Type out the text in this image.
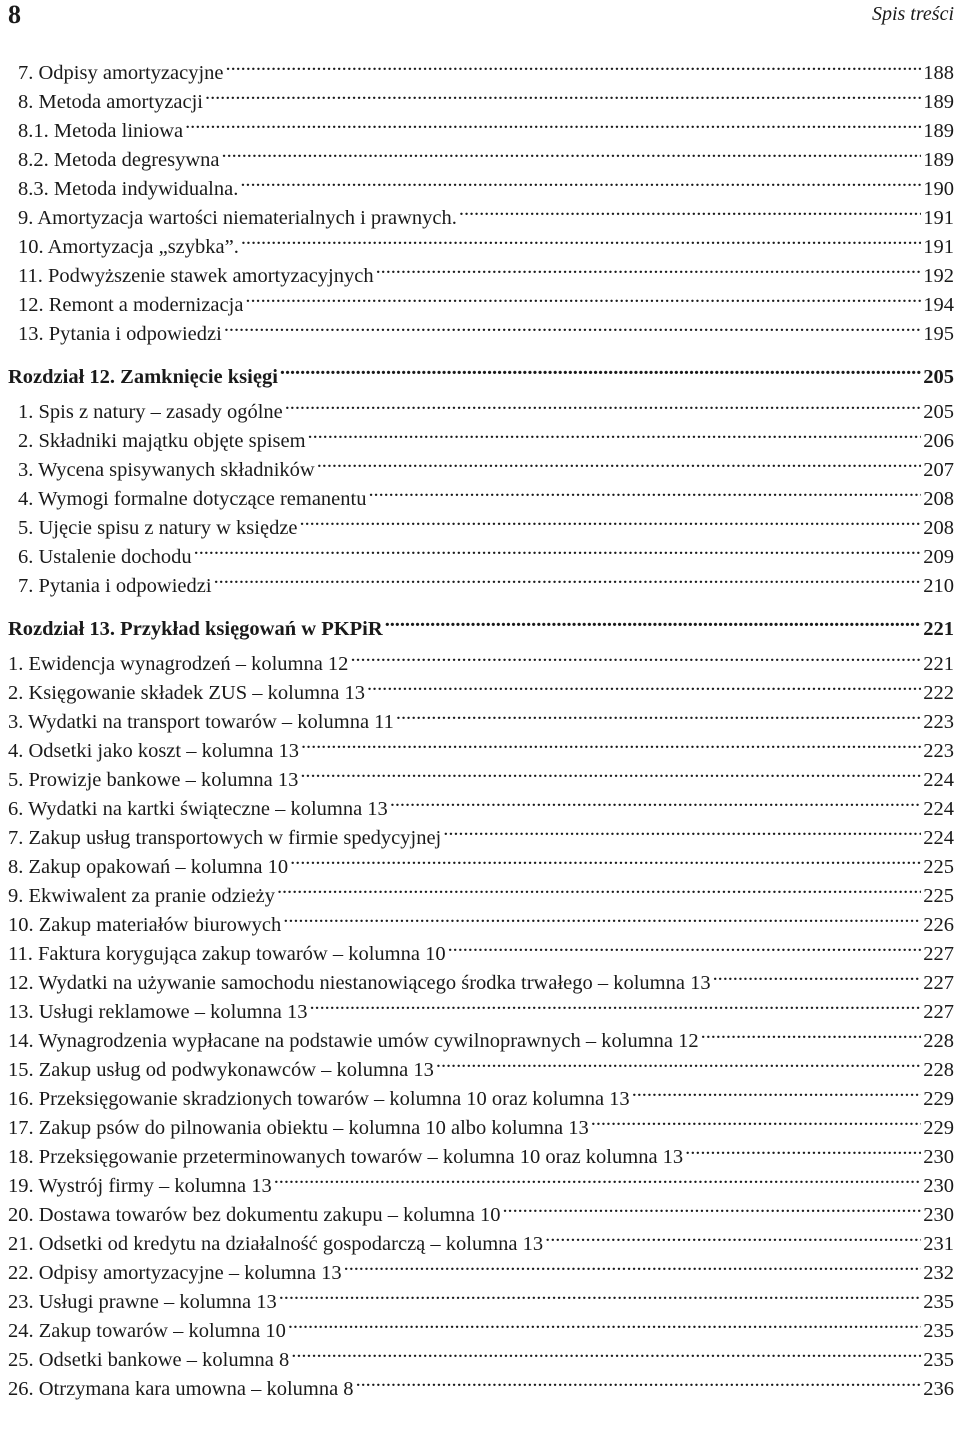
8	Spis treści
7. Odpisy amortyzacyjne . . .	188
8. Metoda amortyzacji . . .	189
8.1. Metoda liniowa . . .	189
8.2. Metoda degresywna . . .	189
8.3. Metoda indywidualna. . . .	190
9. Amortyzacja wartości niematerialnych i prawnych. . . .	191
10. Amortyzacja „szybka”. . . .	191
11. Podwyższenie stawek amortyzacyjnych . . .	192
12. Remont a modernizacja . . .	194
13. Pytania i odpowiedzi . . .	195
Rozdział 12. Zamknięcie księgi . . .	205
1. Spis z natury – zasady ogólne . . .	205
2. Składniki majątku objęte spisem . . .	206
3. Wycena spisywanych składników . . .	207
4. Wymogi formalne dotyczące remanentu . . .	208
5. Ujęcie spisu z natury w księdze . . .	208
6. Ustalenie dochodu . . .	209
7. Pytania i odpowiedzi . . .	210
Rozdział 13. Przykład księgowań w PKPiR . . .	221
1. Ewidencja wynagrodzeń – kolumna 12 . . .	221
2. Księgowanie składek ZUS – kolumna 13 . . .	222
3. Wydatki na transport towarów – kolumna 11 . . .	223
4. Odsetki jako koszt – kolumna 13 . . .	223
5. Prowizje bankowe – kolumna 13 . . .	224
6. Wydatki na kartki świąteczne – kolumna 13 . . .	224
7. Zakup usług transportowych w firmie spedycyjnej . . .	224
8. Zakup opakowań – kolumna 10 . . .	225
9. Ekwiwalent za pranie odzieży . . .	225
10. Zakup materiałów biurowych . . .	226
11. Faktura korygująca zakup towarów – kolumna 10 . . .	227
12. Wydatki na używanie samochodu niestanowiącego środka trwałego – kolumna 13 . . .	227
13. Usługi reklamowe – kolumna 13 . . .	227
14. Wynagrodzenia wypłacane na podstawie umów cywilnoprawnych – kolumna 12 . . .	228
15. Zakup usług od podwykonawców – kolumna 13 . . .	228
16. Przeksięgowanie skradzionych towarów – kolumna 10 oraz kolumna 13 . . .	229
17. Zakup psów do pilnowania obiektu – kolumna 10 albo kolumna 13 . . .	229
18. Przeksięgowanie przeterminowanych towarów – kolumna 10 oraz kolumna 13 . . .	230
19. Wystrój firmy – kolumna 13 . . .	230
20. Dostawa towarów bez dokumentu zakupu – kolumna 10 . . .	230
21. Odsetki od kredytu na działalność gospodarczą – kolumna 13 . . .	231
22. Odpisy amortyzacyjne – kolumna 13 . . .	232
23. Usługi prawne – kolumna 13 . . .	235
24. Zakup towarów – kolumna 10 . . .	235
25. Odsetki bankowe – kolumna 8 . . .	235
26. Otrzymana kara umowna – kolumna 8 . . .	236
